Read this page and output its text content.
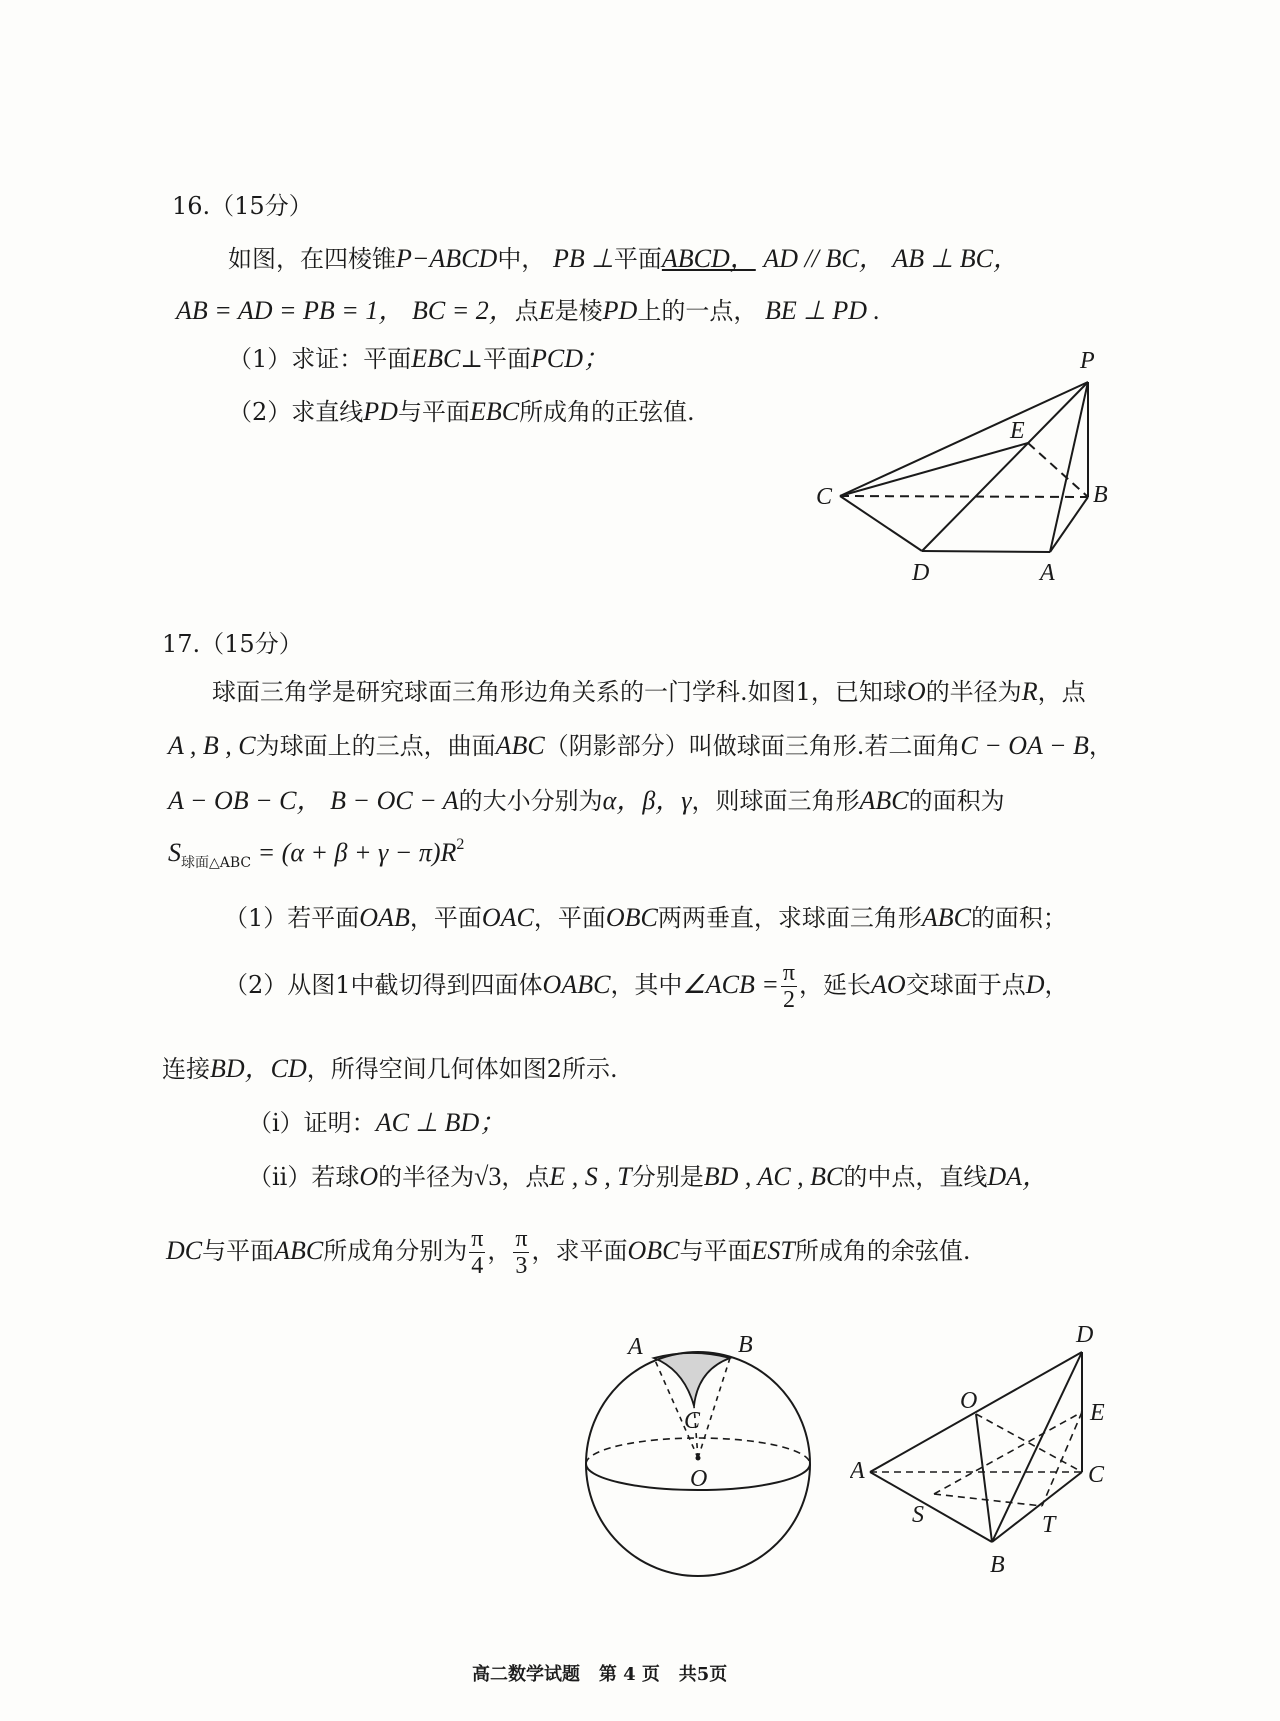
16.（15分）
如图，在四棱锥P−ABCD中， PB ⊥平面ABCD， AD // BC， AB ⊥ BC，
AB = AD = PB = 1， BC = 2，点E是棱PD上的一点， BE ⊥ PD .
（1）求证：平面EBC⊥平面PCD；
（2）求直线PD与平面EBC所成角的正弦值.
P
E
C	B
D	A
17.（15分）
球面三角学是研究球面三角形边角关系的一门学科.如图1，已知球O的半径为R，点
A , B , C为球面上的三点，曲面ABC（阴影部分）叫做球面三角形.若二面角C − OA − B，
A − OB − C， B − OC − A的大小分别为α，β，γ，则球面三角形ABC的面积为
S球面△ABC = (α + β + γ − π)R2
（1）若平面OAB，平面OAC，平面OBC两两垂直，求球面三角形ABC的面积；
（2）从图1中截切得到四面体OABC，其中∠ACB = $\frac{\pi}{2}$ ，延长AO交球面于点D，
连接BD，CD，所得空间几何体如图2所示.
（i）证明：AC ⊥ BD；
（ii）若球O的半径为√3，点E , S , T分别是BD , AC , BC的中点，直线DA，
DC与平面ABC所成角分别为 $\frac{\pi}{4}$ ， $\frac{\pi}{3}$ ，求平面OBC与平面EST所成角的余弦值.
A	B
C
O
D
O	E
A	C
S	T
B
高二数学试题 第 4 页 共5页
